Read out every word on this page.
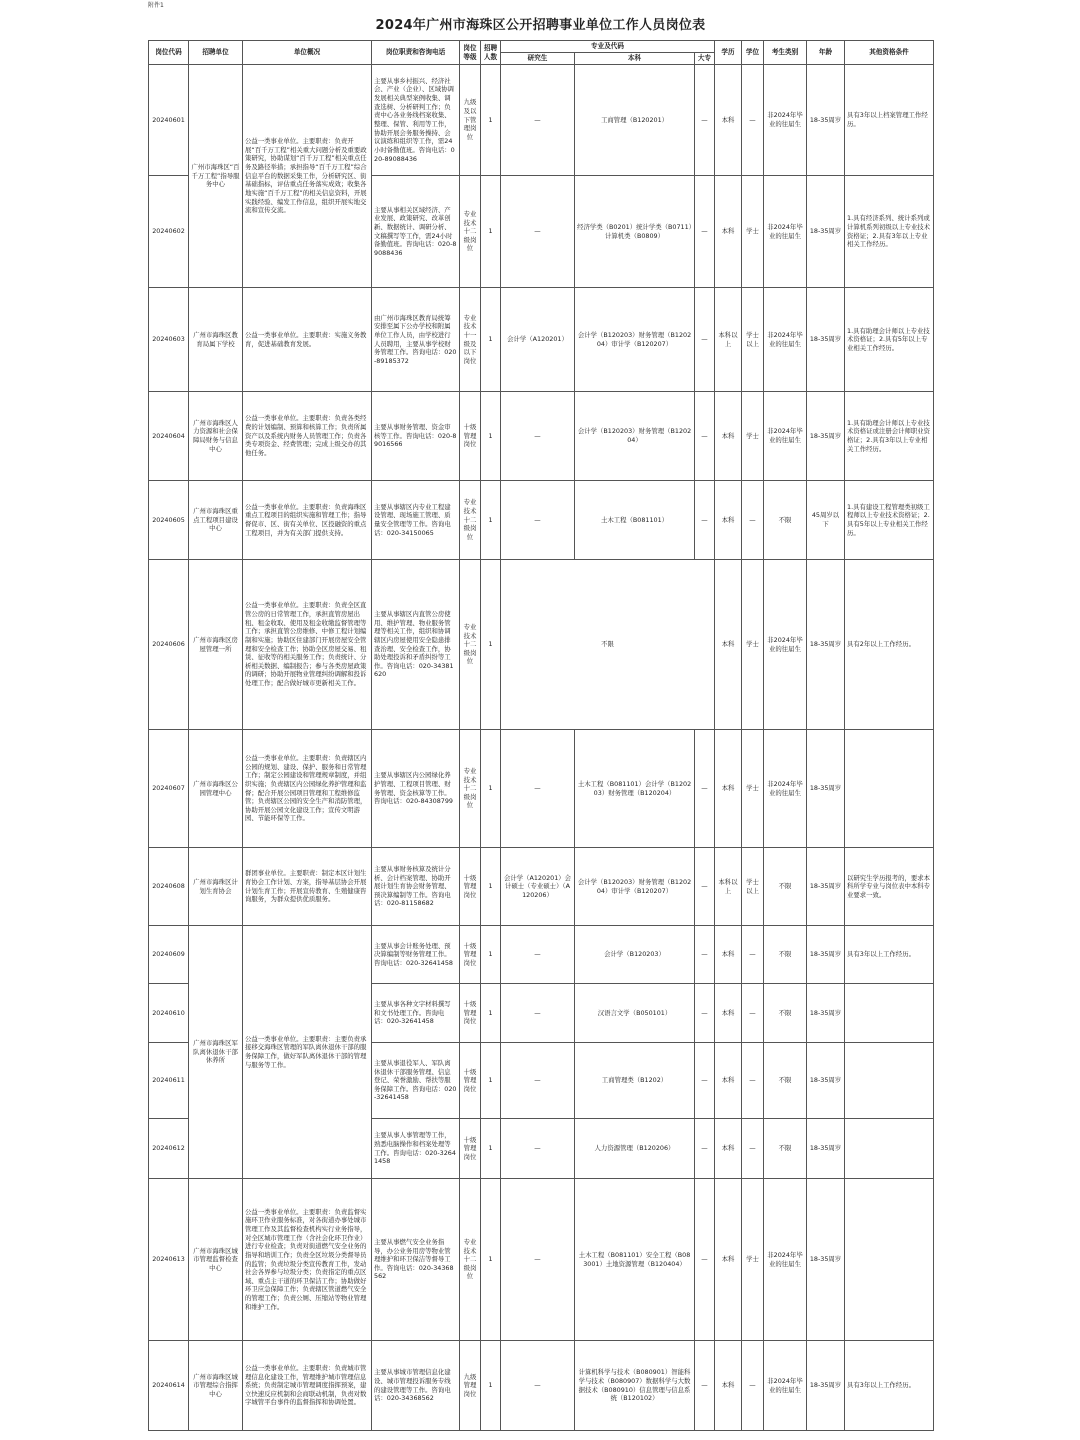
附件1
2024年广州市海珠区公开招聘事业单位工作人员岗位表
岗位代码	招聘单位	单位概况	岗位职责和咨询电话	岗位等级	招聘人数	专业及代码			学历	学位	考生类别	年龄	其他资格条件
						研究生	本科	大专					
20240601	广州市海珠区“百千万工程”指导服务中心	公益一类事业单位。主要职责：负责开展“百千万工程”相关重大问题分析及重要政策研究，协助谋划“百千万工程”相关重点任务及路径举措；承担指导“百千万工程”综合信息平台的数据采集工作，分析研究区、街基础指标，评估重点任务落实成效；收集各地实施“百千万工程”的相关信息资料，开展实践经验、编发工作信息，组织开展实地交流和宣传交流。	主要从事乡村振兴、经济社会、产业（企业）、区域协调发展相关典型案例收集、调查选树、分析研判工作；负责中心各业务线档案收集、整理、保管、利用等工作，协助开展会务服务操持、会议演练和组织等工作，需24小时备勤值班。咨询电话：020-89088436	九级及以下管理岗位	1	—	工商管理（B120201）	—	本科	—	非2024年毕业的往届生	18-35周岁	具有3年以上档案管理工作经历。
20240602			主要从事相关区域经济、产业发展、政策研究、改革创新、数据统计、调研分析、文稿撰写等工作，需24小时备勤值班。咨询电话：020-89088436	专业技术十二级岗位	1	—	经济学类（B0201）统计学类（B0711）计算机类（B0809）	—	本科	学士	非2024年毕业的往届生	18-35周岁	1.具有经济系列、统计系列或计算机系列初级以上专业技术资格证；2.具有3年以上专业相关工作经历。
20240603	广州市海珠区教育局属下学校	公益一类事业单位。主要职责：实施义务教育，促进基础教育发展。	由广州市海珠区教育局统筹安排至属下公办学校和附属单位工作人员，由学校进行人员聘用，主要从事学校财务管理工作。咨询电话：020-89185372	专业技术十一级及以下岗位	1	会计学（A120201）	会计学（B120203）财务管理（B120204）审计学（B120207）	—	本科以上	学士以上	非2024年毕业的往届生	18-35周岁	1.具有助理会计师以上专业技术资格证；2.具有5年以上专业相关工作经历。
20240604	广州市海珠区人力资源和社会保障局财务与信息中心	公益一类事业单位。主要职责：负责各类经费的计划编制、预算和核算工作；负责所属资产以及系统内财务人员管理工作；负责各类专项资金、经费管理；完成上级交办的其他任务。	主要从事财务管理、资金审核等工作。咨询电话：020-89016566	十级管理岗位	1	—	会计学（B120203）财务管理（B120204）	—	本科	学士	非2024年毕业的往届生	18-35周岁	1.具有助理会计师以上专业技术资格证或注册会计师职业资格证；2.具有3年以上专业相关工作经历。
20240605	广州市海珠区重点工程项目建设中心	公益一类事业单位。主要职责：负责海珠区重点工程项目的组织实施和管理工作；指导督促市、区、街有关单位、区投融资的重点工程项目，并为有关部门提供支持。	主要从事辖区内专业工程建设管理、现场施工管理、质量安全管理等工作。咨询电话：020-34150065	专业技术十二级岗位	1	—	土木工程（B081101）	—	本科	—	不限	45周岁以下	1.具有建设工程管理类初级工程师以上专业技术资格证；2.具有5年以上专业相关工作经历。
20240606	广州市海珠区房屋管理一所	公益一类事业单位。主要职责：负责全区直管公房的日常管理工作，承担直管房屋出租、租金收取、使用及租金收缴监督管理等工作；承担直管公房维修、中修工程计划编制和实施；协助区住建部门开展房屋安全管理和安全检查工作；协助全区房屋交易、租赁、征收等的相关服务工作；负责统计、分析相关数据、编制报告；参与各类房屋政策的调研；协助开展物业管理纠纷调解和投诉处理工作；配合做好城市更新相关工作。	主要从事辖区内直管公房使用、维护管理、物业服务管理等相关工作，组织和协调辖区内房屋使用安全隐患排查治理、安全检查工作，协助处理投诉和矛盾纠纷等工作。咨询电话：020-34381620	专业技术十二级岗位	1	不限			本科	学士	非2024年毕业的往届生	18-35周岁	具有2年以上工作经历。
20240607	广州市海珠区公园管理中心	公益一类事业单位。主要职责：负责辖区内公园的规划、建设、保护、服务和日常管理工作；制定公园建设和管理规章制度，并组织实施；负责辖区内公园绿化养护管理和监督；配合开展公园项目管理和工程维修监管；负责辖区公园的安全生产和消防管理，协助开展公园文化建设工作；宣传文明游园、节能环保等工作。	主要从事辖区内公园绿化养护管理、工程项目管理、财务管理、资金核算等工作。咨询电话：020-84308799	专业技术十二级岗位	1	—	土木工程（B081101）会计学（B120203）财务管理（B120204）	—	本科	学士	非2024年毕业的往届生	18-35周岁	
20240608	广州市海珠区计划生育协会	群团事业单位。主要职责：制定本区计划生育协会工作计划、方案，指导基层协会开展计划生育工作；开展宣传教育、生殖健康咨询服务，为群众提供优质服务。	主要从事财务核算及统计分析、会计档案管理、协助开展计划生育协会财务管理、预决算编制等工作。咨询电话：020-81158682	十级管理岗位	1	会计学（A120201）会计硕士（专业硕士）（A120206）	会计学（B120203）财务管理（B120204）审计学（B120207）	—	本科以上	学士以上	不限	18-35周岁	以研究生学历报考的，要求本科所学专业与岗位表中本科专业要求一致。
20240609	广州市海珠区军队离休退休干部休养所	公益一类事业单位。主要职责：主要负责承接移交海珠区管理的军队离休退休干部的服务保障工作，做好军队离休退休干部的管理与服务等工作。	主要从事会计账务处理、预决算编制等财务管理工作。咨询电话：020-32641458	十级管理岗位	1	—	会计学（B120203）	—	本科	—	不限	18-35周岁	具有3年以上工作经历。
20240610			主要从事各种文字材料撰写和文书处理工作。咨询电话：020-32641458	十级管理岗位	1	—	汉语言文学（B050101）	—	本科	—	不限	18-35周岁	
20240611			主要从事退役军人、军队离休退休干部服务管理、信息登记、荣誉激励、帮扶等服务保障工作。咨询电话：020-32641458	十级管理岗位	1	—	工商管理类（B1202）	—	本科	—	不限	18-35周岁	
20240612			主要从事人事管理等工作，熟悉电脑操作和档案处理等工作。咨询电话：020-32641458	十级管理岗位	1	—	人力资源管理（B120206）	—	本科	—	不限	18-35周岁	
20240613	广州市海珠区城市管理监督检查中心	公益一类事业单位。主要职责：负责监督实施环卫作业服务标准，对各街道办事处城市管理工作及其监督检查机构实行业务指导，对全区城市管理工作（含社会化环卫作业）进行专业检查；负责对街道燃气安全业务的指导和培训工作；负责全区垃圾分类督导员的监管；负责垃圾分类宣传教育工作，发动社会各界参与垃圾分类；负责指定的重点区域、重点主干道的环卫保洁工作；协助做好环卫应急保障工作；负责辖区管道燃气安全的管理工作；负责公厕、压缩站等物业管理和维护工作。	主要从事燃气安全业务指导，办公业务用房等物业管理维护和环卫保洁等督导工作。咨询电话：020-34368562	专业技术十二级岗位	1	—	土木工程（B081101）安全工程（B083001）土地资源管理（B120404）	—	本科	学士	非2024年毕业的往届生	18-35周岁	
20240614	广州市海珠区城市管理综合指挥中心	公益一类事业单位。主要职责：负责城市管理信息化建设工作，管理维护城市管理信息系统；负责制定城市管理调度指挥预案，建立快速反应机制和会商联动机制，负责对数字城管平台事件的监督指挥和协调处置。	主要从事城市管理信息化建设、城市管理投诉服务专线的建设管理等工作。咨询电话：020-34368562	九级管理岗位	1	—	计算机科学与技术（B080901）智能科学与技术（B080907）数据科学与大数据技术（B080910）信息管理与信息系统（B120102）	—	本科	—	非2024年毕业的往届生	18-35周岁	具有3年以上工作经历。
